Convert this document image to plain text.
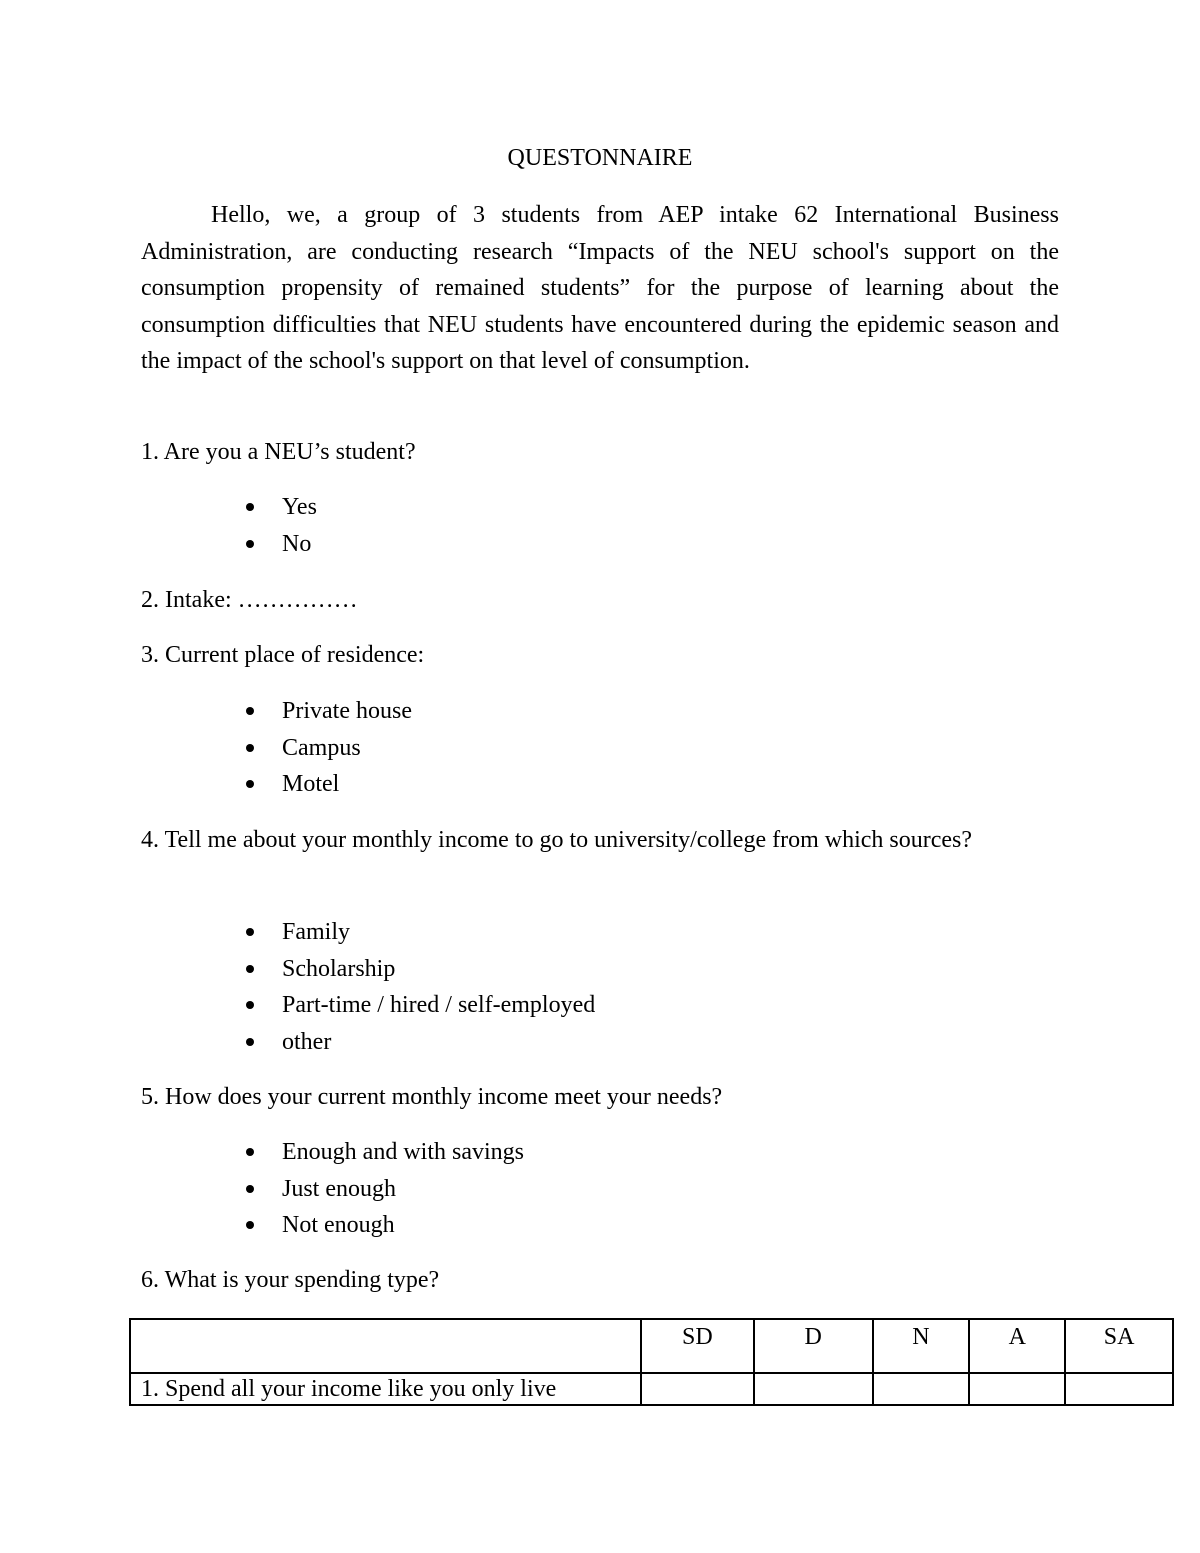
QUESTONNAIRE

Hello, we, a group of 3 students from AEP intake 62 International Business Administration, are conducting research “Impacts of the NEU school's support on the consumption propensity of remained students” for the purpose of learning about the consumption difficulties that NEU students have encountered during the epidemic season and the impact of the school's support on that level of consumption.

1. Are you a NEU’s student?

Yes
No

2. Intake: ……………

3. Current place of residence:

Private house
Campus
Motel

4. Tell me about your monthly income to go to university/college from which sources?

Family
Scholarship
Part-time / hired / self-employed
other

5. How does your current monthly income meet your needs?

Enough and with savings
Just enough
Not enough

6. What is your spending type?

	SD	D	N	A	SA
1. Spend all your income like you only live					
